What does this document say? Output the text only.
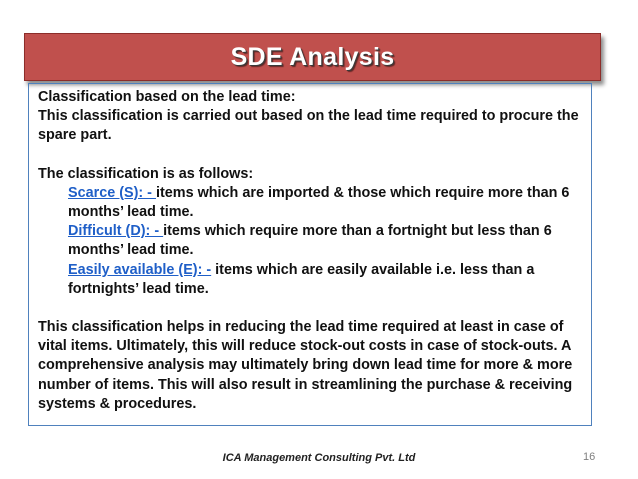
SDE Analysis

Classification based on the lead time:

This classification is carried out based on the lead time required to procure the spare part.

The classification is as follows:

Scarce (S): - items which are imported & those which require more than 6 months’ lead time.

Difficult (D): - items which require more than a fortnight but less than 6 months’ lead time.

Easily available (E): - items which are easily available i.e. less than a fortnights’ lead time.

This classification helps in reducing the lead time required at least in case of vital items. Ultimately, this will reduce stock-out costs in case of stock-outs. A comprehensive analysis may ultimately bring down lead time for more & more number of items. This will also result in streamlining the purchase & receiving systems & procedures.

ICA Management Consulting Pvt. Ltd	16
